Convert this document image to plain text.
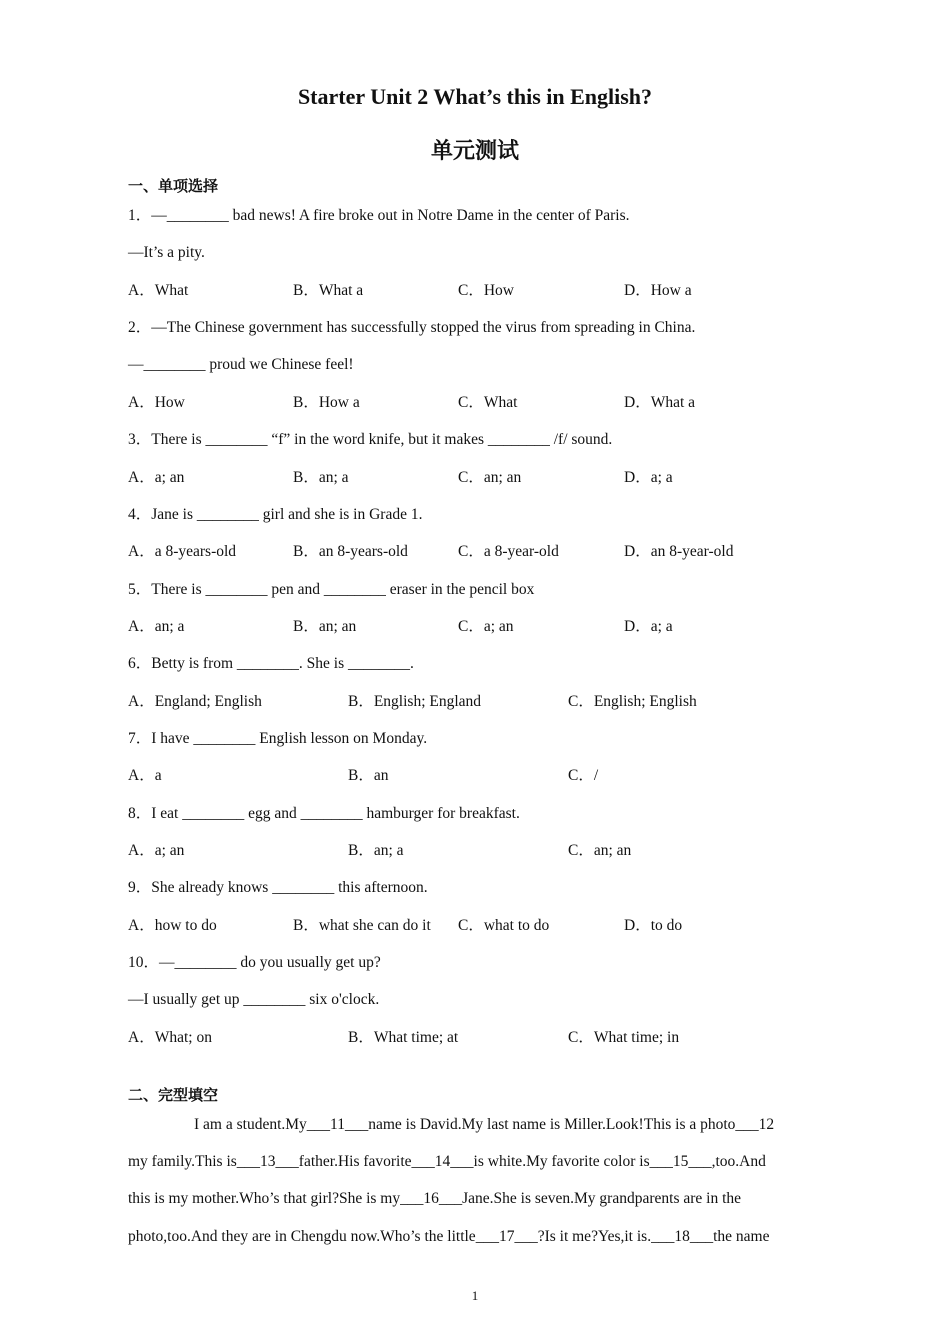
Starter Unit 2 What’s this in English?
单元测试
一、单项选择
1．—________ bad news! A fire broke out in Notre Dame in the center of Paris.
—It’s a pity.
A．What	B．What a	C．How	D．How a
2．—The Chinese government has successfully stopped the virus from spreading in China.
—________ proud we Chinese feel!
A．How	B．How a	C．What	D．What a
3．There is ________ “f” in the word knife, but it makes ________ /f/ sound.
A．a; an	B．an; a	C．an; an	D．a; a
4．Jane is ________ girl and she is in Grade 1.
A．a 8-years-old	B．an 8-years-old	C．a 8-year-old	D．an 8-year-old
5．There is ________ pen and ________ eraser in the pencil box
A．an; a	B．an; an	C．a; an	D．a; a
6．Betty is from ________. She is ________.
A．England; English	B．English; England	C．English; English
7．I have ________ English lesson on Monday.
A．a	B．an	C．/
8．I eat ________ egg and ________ hamburger for breakfast.
A．a; an	B．an; a	C．an; an
9．She already knows ________ this afternoon.
A．how to do	B．what she can do it C．what to do	D．to do
10．—________ do you usually get up?
—I usually get up ________ six o'clock.
A．What; on	B．What time; at	C．What time; in
二、完型填空
I am a student.My___11___name is David.My last name is Miller.Look!This is a photo___12
my family.This is___13___father.His favorite___14___is white.My favorite color is___15___,too.And
this is my mother.Who’s that girl?She is my___16___Jane.She is seven.My grandparents are in the
photo,too.And they are in Chengdu now.Who’s the little___17___?Is it me?Yes,it is.___18___the name
1
